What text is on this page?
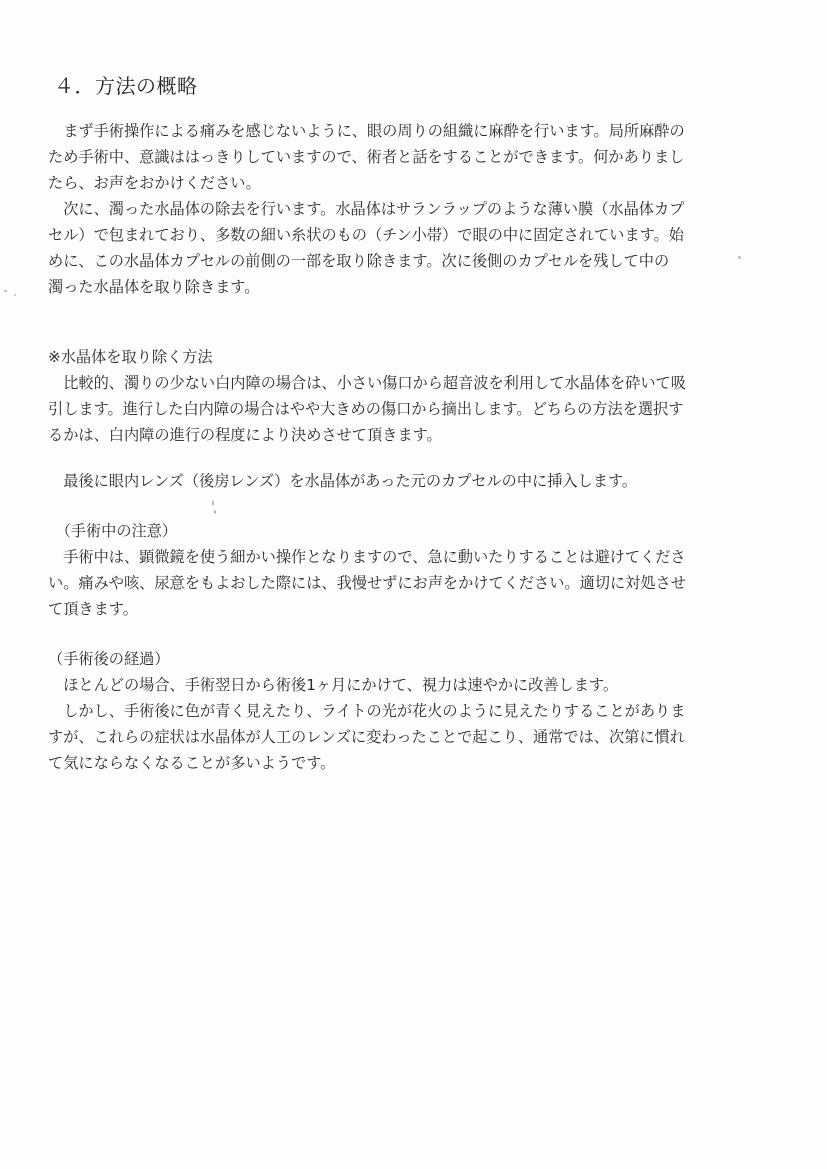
４．方法の概略
　まず手術操作による痛みを感じないように、眼の周りの組織に麻酔を行います。局所麻酔の
ため手術中、意識ははっきりしていますので、術者と話をすることができます。何かありまし
たら、お声をおかけください。
　次に、濁った水晶体の除去を行います。水晶体はサランラップのような薄い膜（水晶体カプ
セル）で包まれており、多数の細い糸状のもの（チン小帯）で眼の中に固定されています。始
めに、この水晶体カプセルの前側の一部を取り除きます。次に後側のカプセルを残して中の
濁った水晶体を取り除きます。
※水晶体を取り除く方法
　比較的、濁りの少ない白内障の場合は、小さい傷口から超音波を利用して水晶体を砕いて吸
引します。進行した白内障の場合はやや大きめの傷口から摘出します。どちらの方法を選択す
るかは、白内障の進行の程度により決めさせて頂きます。
　最後に眼内レンズ（後房レンズ）を水晶体があった元のカプセルの中に挿入します。
　（手術中の注意）
　手術中は、顕微鏡を使う細かい操作となりますので、急に動いたりすることは避けてくださ
い。痛みや咳、尿意をもよおした際には、我慢せずにお声をかけてください。適切に対処させ
て頂きます。
（手術後の経過）
　ほとんどの場合、手術翌日から術後1ヶ月にかけて、視力は速やかに改善します。
　しかし、手術後に色が青く見えたり、ライトの光が花火のように見えたりすることがありま
すが、これらの症状は水晶体が人工のレンズに変わったことで起こり、通常では、次第に慣れ
て気にならなくなることが多いようです。
